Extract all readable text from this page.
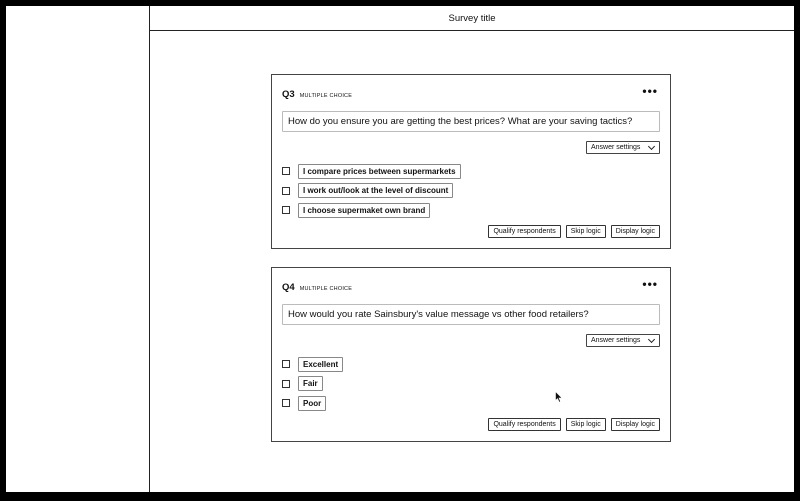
Survey title
Q3 MULTIPLE CHOICE	•••
How do you ensure you are getting the best prices? What are your saving tactics?
Answer settings
I compare prices between supermarkets
I work out/look at the level of discount
I choose supermaket own brand
Qualify respondents	Skip logic	Display logic
Q4 MULTIPLE CHOICE	•••
How would you rate Sainsbury's value message vs other food retailers?
Answer settings
Excellent
Fair
Poor
Qualify respondents	Skip logic	Display logic
